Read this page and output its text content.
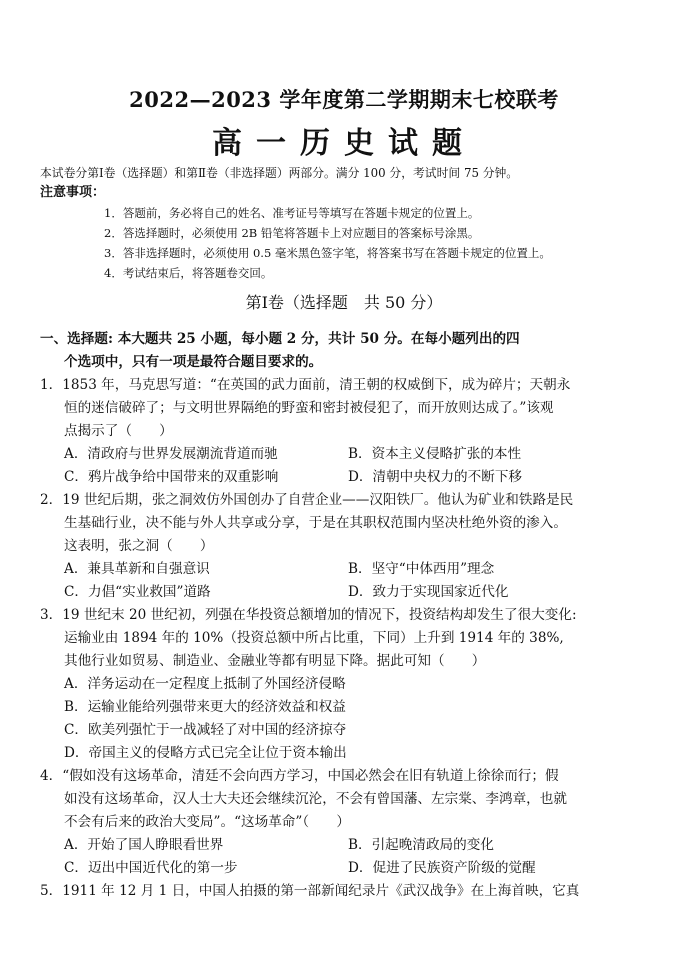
2022—2023 学年度第二学期期末七校联考
高一历史试题
本试卷分第Ⅰ卷（选择题）和第Ⅱ卷（非选择题）两部分。满分 100 分，考试时间 75 分钟。
注意事项：
1．答题前，务必将自己的姓名、准考证号等填写在答题卡规定的位置上。
2．答选择题时，必须使用 2B 铅笔将答题卡上对应题目的答案标号涂黑。
3．答非选择题时，必须使用 0.5 毫米黑色签字笔，将答案书写在答题卡规定的位置上。
4．考试结束后，将答题卷交回。
第Ⅰ卷（选择题　共 50 分）
一、选择题: 本大题共 25 小题，每小题 2 分，共计 50 分。在每小题列出的四
个选项中，只有一项是最符合题目要求的。
1．1853 年，马克思写道：“在英国的武力面前，清王朝的权威倒下，成为碎片；天朝永
恒的迷信破碎了；与文明世界隔绝的野蛮和密封被侵犯了，而开放则达成了。”该观
点揭示了（　　）
A．清政府与世界发展潮流背道而驰	B．资本主义侵略扩张的本性
C．鸦片战争给中国带来的双重影响	D．清朝中央权力的不断下移
2．19 世纪后期，张之洞效仿外国创办了自营企业——汉阳铁厂。他认为矿业和铁路是民
生基础行业，决不能与外人共享或分享，于是在其职权范围内坚决杜绝外资的渗入。
这表明，张之洞（　　）
A．兼具革新和自强意识	B．坚守“中体西用”理念
C．力倡“实业救国”道路	D．致力于实现国家近代化
3．19 世纪末 20 世纪初，列强在华投资总额增加的情况下，投资结构却发生了很大变化:
运输业由 1894 年的 10%（投资总额中所占比重，下同）上升到 1914 年的 38%,
其他行业如贸易、制造业、金融业等都有明显下降。据此可知（　　）
A．洋务运动在一定程度上抵制了外国经济侵略
B．运输业能给列强带来更大的经济效益和权益
C．欧美列强忙于一战减轻了对中国的经济掠夺
D．帝国主义的侵略方式已完全让位于资本输出
4．“假如没有这场革命，清廷不会向西方学习，中国必然会在旧有轨道上徐徐而行；假
如没有这场革命，汉人士大夫还会继续沉沦，不会有曾国藩、左宗棠、李鸿章，也就
不会有后来的政治大变局”。“这场革命”（　　）
A．开始了国人睁眼看世界	B．引起晚清政局的变化
C．迈出中国近代化的第一步	D．促进了民族资产阶级的觉醒
5．1911 年 12 月 1 日，中国人拍摄的第一部新闻纪录片《武汉战争》在上海首映，它真
